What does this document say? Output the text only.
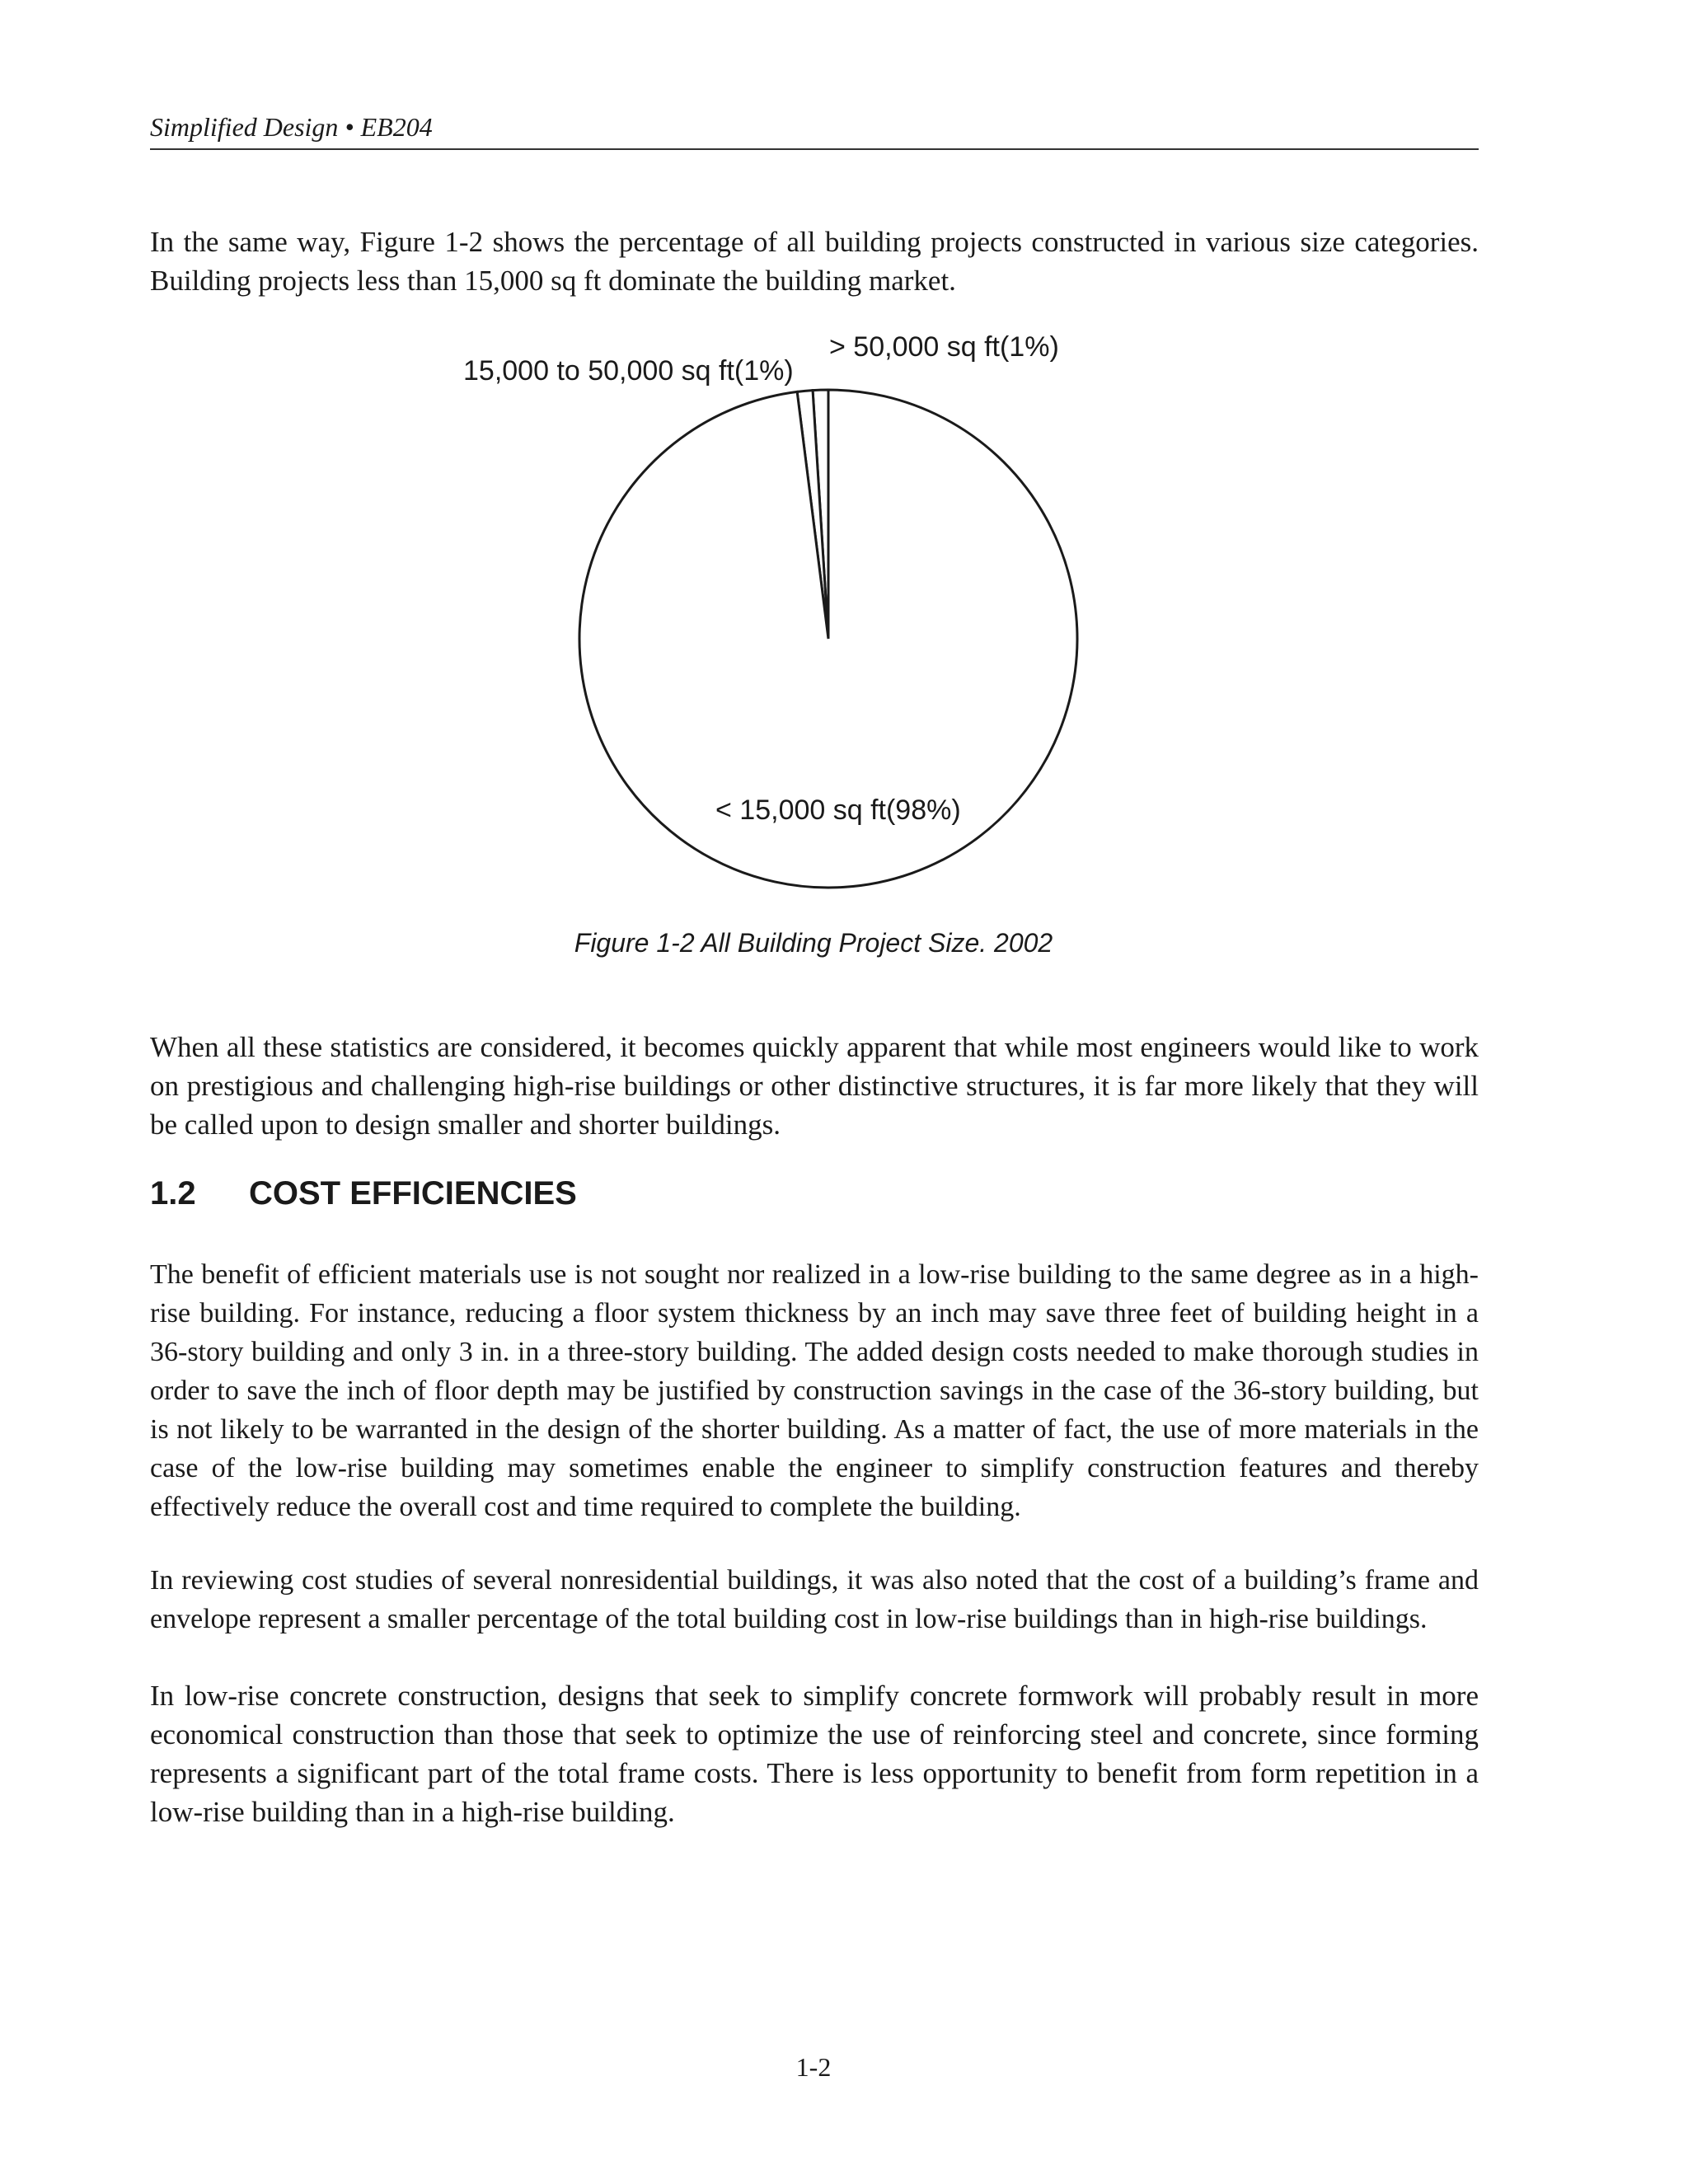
Simplified Design • EB204

In the same way, Figure 1-2 shows the percentage of all building projects constructed in various size categories. Building projects less than 15,000 sq ft dominate the building market.

< 15,000 sq ft(98%)
15,000 to 50,000 sq ft(1%)
> 50,000 sq ft(1%)
Figure 1-2 All Building Project Size. 2002

When all these statistics are considered, it becomes quickly apparent that while most engineers would like to work on prestigious and challenging high-rise buildings or other distinctive structures, it is far more likely that they will be called upon to design smaller and shorter buildings.

1.2 COST EFFICIENCIES

The benefit of efficient materials use is not sought nor realized in a low-rise building to the same degree as in a high-rise building. For instance, reducing a floor system thickness by an inch may save three feet of building height in a 36-story building and only 3 in. in a three-story building. The added design costs needed to make thorough studies in order to save the inch of floor depth may be justified by construction savings in the case of the 36-story building, but is not likely to be warranted in the design of the shorter building. As a matter of fact, the use of more materials in the case of the low-rise building may sometimes enable the engineer to simplify construction features and thereby effectively reduce the overall cost and time required to complete the building.

In reviewing cost studies of several nonresidential buildings, it was also noted that the cost of a building’s frame and envelope represent a smaller percentage of the total building cost in low-rise buildings than in high-rise buildings.

In low-rise concrete construction, designs that seek to simplify concrete formwork will probably result in more economical construction than those that seek to optimize the use of reinforcing steel and concrete, since forming represents a significant part of the total frame costs. There is less opportunity to benefit from form repetition in a low-rise building than in a high-rise building.

1-2
